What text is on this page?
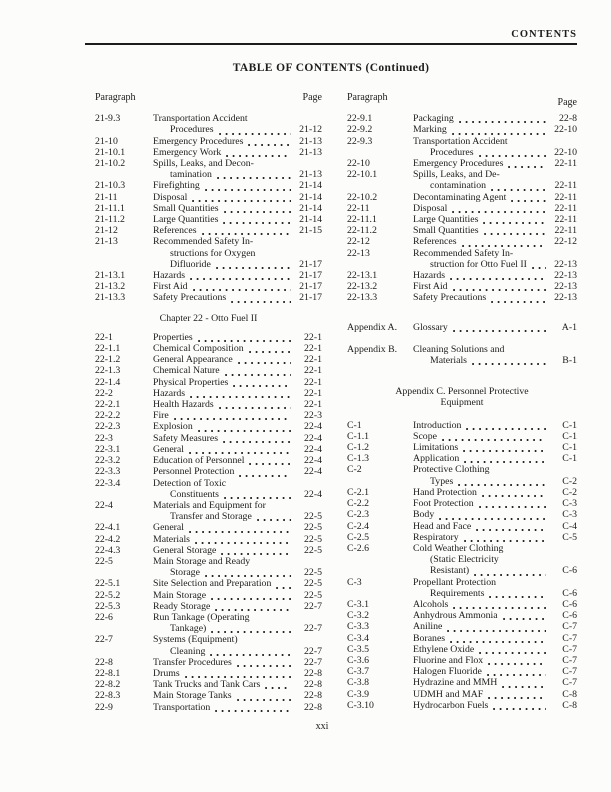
CONTENTS
TABLE OF CONTENTS (Continued)
Paragraph	Page
21-9.3	Transportation Accident
Procedures	21-12
21-10	Emergency Procedures	21-13
21-10.1	Emergency Work	21-13
21-10.2	Spills, Leaks, and Decon-
tamination	21-13
21-10.3	Firefighting	21-14
21-11	Disposal	21-14
21-11.1	Small Quantities	21-14
21-11.2	Large Quantities	21-14
21-12	References	21-15
21-13	Recommended Safety In-
structions for Oxygen
Difluoride	21-17
21-13.1	Hazards	21-17
21-13.2	First Aid	21-17
21-13.3	Safety Precautions	21-17
Chapter 22 - Otto Fuel II
22-1	Properties	22-1
22-1.1	Chemical Composition	22-1
22-1.2	General Appearance	22-1
22-1.3	Chemical Nature	22-1
22-1.4	Physical Properties	22-1
22-2	Hazards	22-1
22-2.1	Health Hazards	22-1
22-2.2	Fire	22-3
22-2.3	Explosion	22-4
22-3	Safety Measures	22-4
22-3.1	General	22-4
22-3.2	Education of Personnel	22-4
22-3.3	Personnel Protection	22-4
22-3.4	Detection of Toxic
Constituents	22-4
22-4	Materials and Equipment for
Transfer and Storage	22-5
22-4.1	General	22-5
22-4.2	Materials	22-5
22-4.3	General Storage	22-5
22-5	Main Storage and Ready
Storage	22-5
22-5.1	Site Selection and Preparation	22-5
22-5.2	Main Storage	22-5
22-5.3	Ready Storage	22-7
22-6	Run Tankage (Operating
Tankage)	22-7
22-7	Systems (Equipment)
Cleaning	22-7
22-8	Transfer Procedures	22-7
22-8.1	Drums	22-8
22-8.2	Tank Trucks and Tank Cars	22-8
22-8.3	Main Storage Tanks	22-8
22-9	Transportation	22-8
Paragraph	Page
22-9.1	Packaging	22-8
22-9.2	Marking	22-10
22-9.3	Transportation Accident
Procedures	22-10
22-10	Emergency Procedures	22-11
22-10.1	Spills, Leaks, and De-
contamination	22-11
22-10.2	Decontaminating Agent	22-11
22-11	Disposal	22-11
22-11.1	Large Quantities	22-11
22-11.2	Small Quantities	22-11
22-12	References	22-12
22-13	Recommended Safety In-
struction for Otto Fuel II	22-13
22-13.1	Hazards	22-13
22-13.2	First Aid	22-13
22-13.3	Safety Precautions	22-13
Appendix A.	Glossary	A-1
Appendix B.	Cleaning Solutions and
Materials	B-1
Appendix C. Personnel Protective
Equipment
C-1	Introduction	C-1
C-1.1	Scope	C-1
C-1.2	Limitations	C-1
C-1.3	Application	C-1
C-2	Protective Clothing
Types	C-2
C-2.1	Hand Protection	C-2
C-2.2	Foot Protection	C-3
C-2.3	Body	C-3
C-2.4	Head and Face	C-4
C-2.5	Respiratory	C-5
C-2.6	Cold Weather Clothing
(Static Electricity
Resistant)	C-6
C-3	Propellant Protection
Requirements	C-6
C-3.1	Alcohols	C-6
C-3.2	Anhydrous Ammonia	C-6
C-3.3	Aniline	C-7
C-3.4	Boranes	C-7
C-3.5	Ethylene Oxide	C-7
C-3.6	Fluorine and Flox	C-7
C-3.7	Halogen Fluoride	C-7
C-3.8	Hydrazine and MMH	C-7
C-3.9	UDMH and MAF	C-8
C-3.10	Hydrocarbon Fuels	C-8
xxi
